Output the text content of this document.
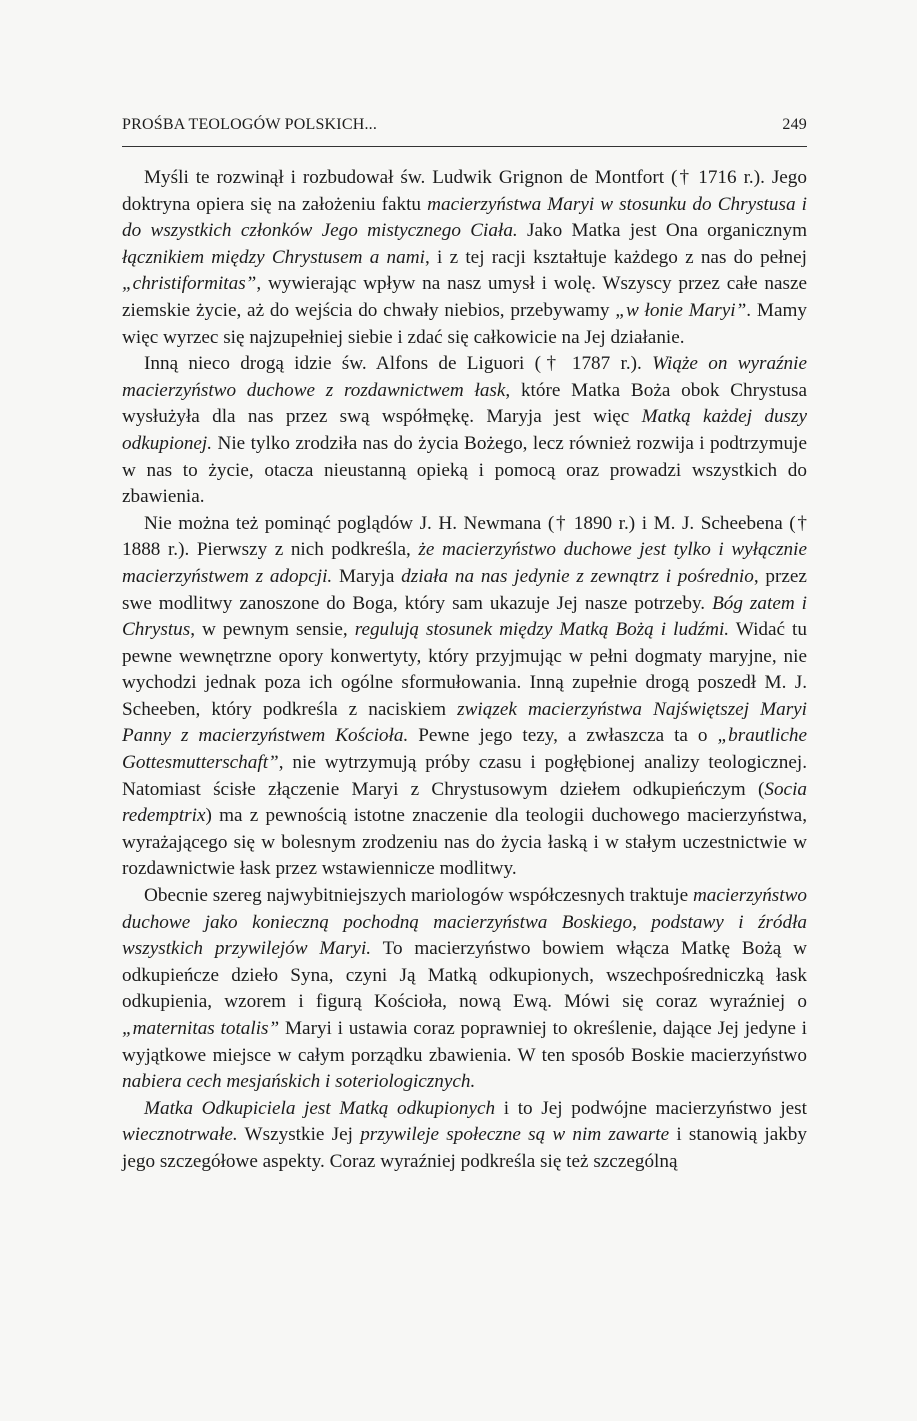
PROŚBA TEOLOGÓW POLSKICH...	249

Myśli te rozwinął i rozbudował św. Ludwik Grignon de Montfort († 1716 r.). Jego doktryna opiera się na założeniu faktu macierzyństwa Maryi w stosunku do Chrystusa i do wszystkich członków Jego mistycznego Ciała. Jako Matka jest Ona organicznym łącznikiem między Chrystusem a nami, i z tej racji kształtuje każdego z nas do pełnej „christiformitas”, wywierając wpływ na nasz umysł i wolę. Wszyscy przez całe nasze ziemskie życie, aż do wejścia do chwały niebios, przebywamy „w łonie Maryi”. Mamy więc wyrzec się najzupełniej siebie i zdać się całkowicie na Jej działanie.

Inną nieco drogą idzie św. Alfons de Liguori († 1787 r.). Wiąże on wyraźnie macierzyństwo duchowe z rozdawnictwem łask, które Matka Boża obok Chrystusa wysłużyła dla nas przez swą współmękę. Maryja jest więc Matką każdej duszy odkupionej. Nie tylko zrodziła nas do życia Bożego, lecz również rozwija i podtrzymuje w nas to życie, otacza nieustanną opieką i pomocą oraz prowadzi wszystkich do zbawienia.

Nie można też pominąć poglądów J. H. Newmana († 1890 r.) i M. J. Scheebena († 1888 r.). Pierwszy z nich podkreśla, że macierzyństwo duchowe jest tylko i wyłącznie macierzyństwem z adopcji. Maryja działa na nas jedynie z zewnątrz i pośrednio, przez swe modlitwy zanoszone do Boga, który sam ukazuje Jej nasze potrzeby. Bóg zatem i Chrystus, w pewnym sensie, regulują stosunek między Matką Bożą i ludźmi. Widać tu pewne wewnętrzne opory konwertyty, który przyjmując w pełni dogmaty maryjne, nie wychodzi jednak poza ich ogólne sformułowania. Inną zupełnie drogą poszedł M. J. Scheeben, który podkreśla z naciskiem związek macierzyństwa Najświętszej Maryi Panny z macierzyństwem Kościoła. Pewne jego tezy, a zwłaszcza ta o „brautliche Gottesmutterschaft”, nie wytrzymują próby czasu i pogłębionej analizy teologicznej. Natomiast ścisłe złączenie Maryi z Chrystusowym dziełem odkupieńczym (Socia redemptrix) ma z pewnością istotne znaczenie dla teologii duchowego macierzyństwa, wyrażającego się w bolesnym zrodzeniu nas do życia łaską i w stałym uczestnictwie w rozdawnictwie łask przez wstawiennicze modlitwy.

Obecnie szereg najwybitniejszych mariologów współczesnych traktuje macierzyństwo duchowe jako konieczną pochodną macierzyństwa Boskiego, podstawy i źródła wszystkich przywilejów Maryi. To macierzyństwo bowiem włącza Matkę Bożą w odkupieńcze dzieło Syna, czyni Ją Matką odkupionych, wszechpośredniczką łask odkupienia, wzorem i figurą Kościoła, nową Ewą. Mówi się coraz wyraźniej o „maternitas totalis” Maryi i ustawia coraz poprawniej to określenie, dające Jej jedyne i wyjątkowe miejsce w całym porządku zbawienia. W ten sposób Boskie macierzyństwo nabiera cech mesjańskich i soteriologicznych.

Matka Odkupiciela jest Matką odkupionych i to Jej podwójne macierzyństwo jest wiecznotrwałe. Wszystkie Jej przywileje społeczne są w nim zawarte i stanowią jakby jego szczegółowe aspekty. Coraz wyraźniej podkreśla się też szczególną
